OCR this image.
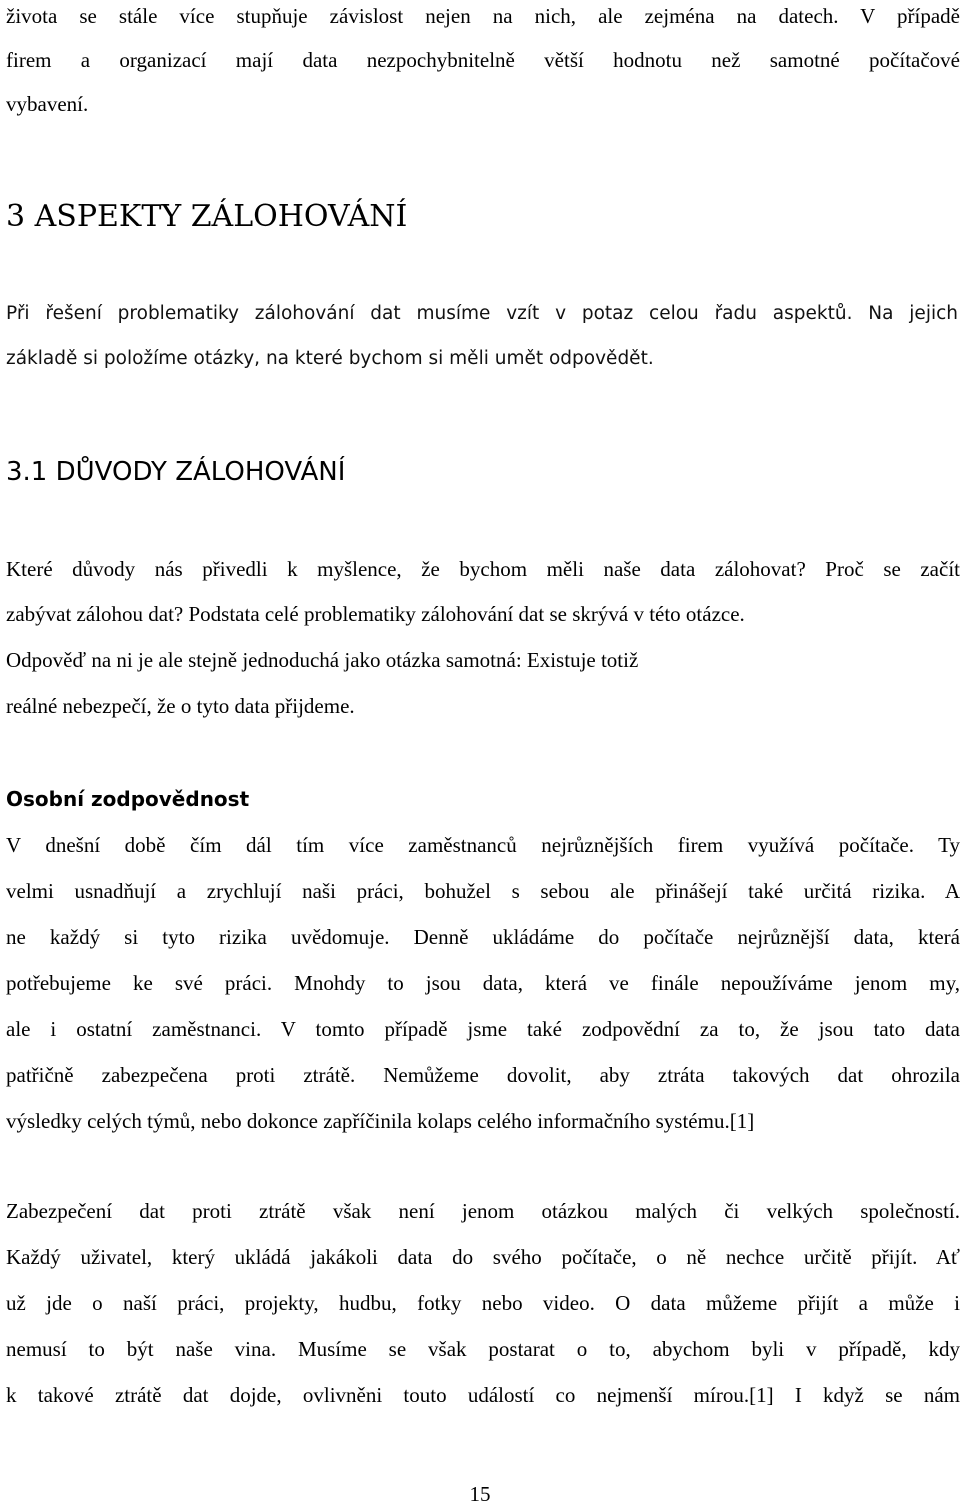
života se stále více stupňuje závislost nejen na nich, ale zejména na datech. V případě
firem a organizací mají data nezpochybnitelně větší hodnotu než samotné počítačové
vybavení.
3 ASPEKTY ZÁLOHOVÁNÍ
Při řešení problematiky zálohování dat musíme vzít v potaz celou řadu aspektů. Na jejich
základě si položíme otázky, na které bychom si měli umět odpovědět.
3.1 DŮVODY ZÁLOHOVÁNÍ
Které důvody nás přivedli k myšlence, že bychom měli naše data zálohovat? Proč se začít
zabývat zálohou dat? Podstata celé problematiky zálohování dat se skrývá v této otázce.
Odpověď na ni je ale stejně jednoduchá jako otázka samotná: Existuje totiž
reálné nebezpečí, že o tyto data přijdeme.
Osobní zodpovědnost
V dnešní době čím dál tím více zaměstnanců nejrůznějších firem využívá počítače. Ty
velmi usnadňují a zrychlují naši práci, bohužel s sebou ale přinášejí také určitá rizika. A
ne každý si tyto rizika uvědomuje. Denně ukládáme do počítače nejrůznější data, která
potřebujeme ke své práci. Mnohdy to jsou data, která ve finále nepoužíváme jenom my,
ale i ostatní zaměstnanci. V tomto případě jsme také zodpovědní za to, že jsou tato data
patřičně zabezpečena proti ztrátě. Nemůžeme dovolit, aby ztráta takových dat ohrozila
výsledky celých týmů, nebo dokonce zapříčinila kolaps celého informačního systému.[1]
Zabezpečení dat proti ztrátě však není jenom otázkou malých či velkých společností.
Každý uživatel, který ukládá jakákoli data do svého počítače, o ně nechce určitě přijít. Ať
už jde o naší práci, projekty, hudbu, fotky nebo video. O data můžeme přijít a může i
nemusí to být naše vina. Musíme se však postarat o to, abychom byli v případě, kdy
k takové ztrátě dat dojde, ovlivněni touto událostí co nejmenší mírou.[1] I když se nám
15
